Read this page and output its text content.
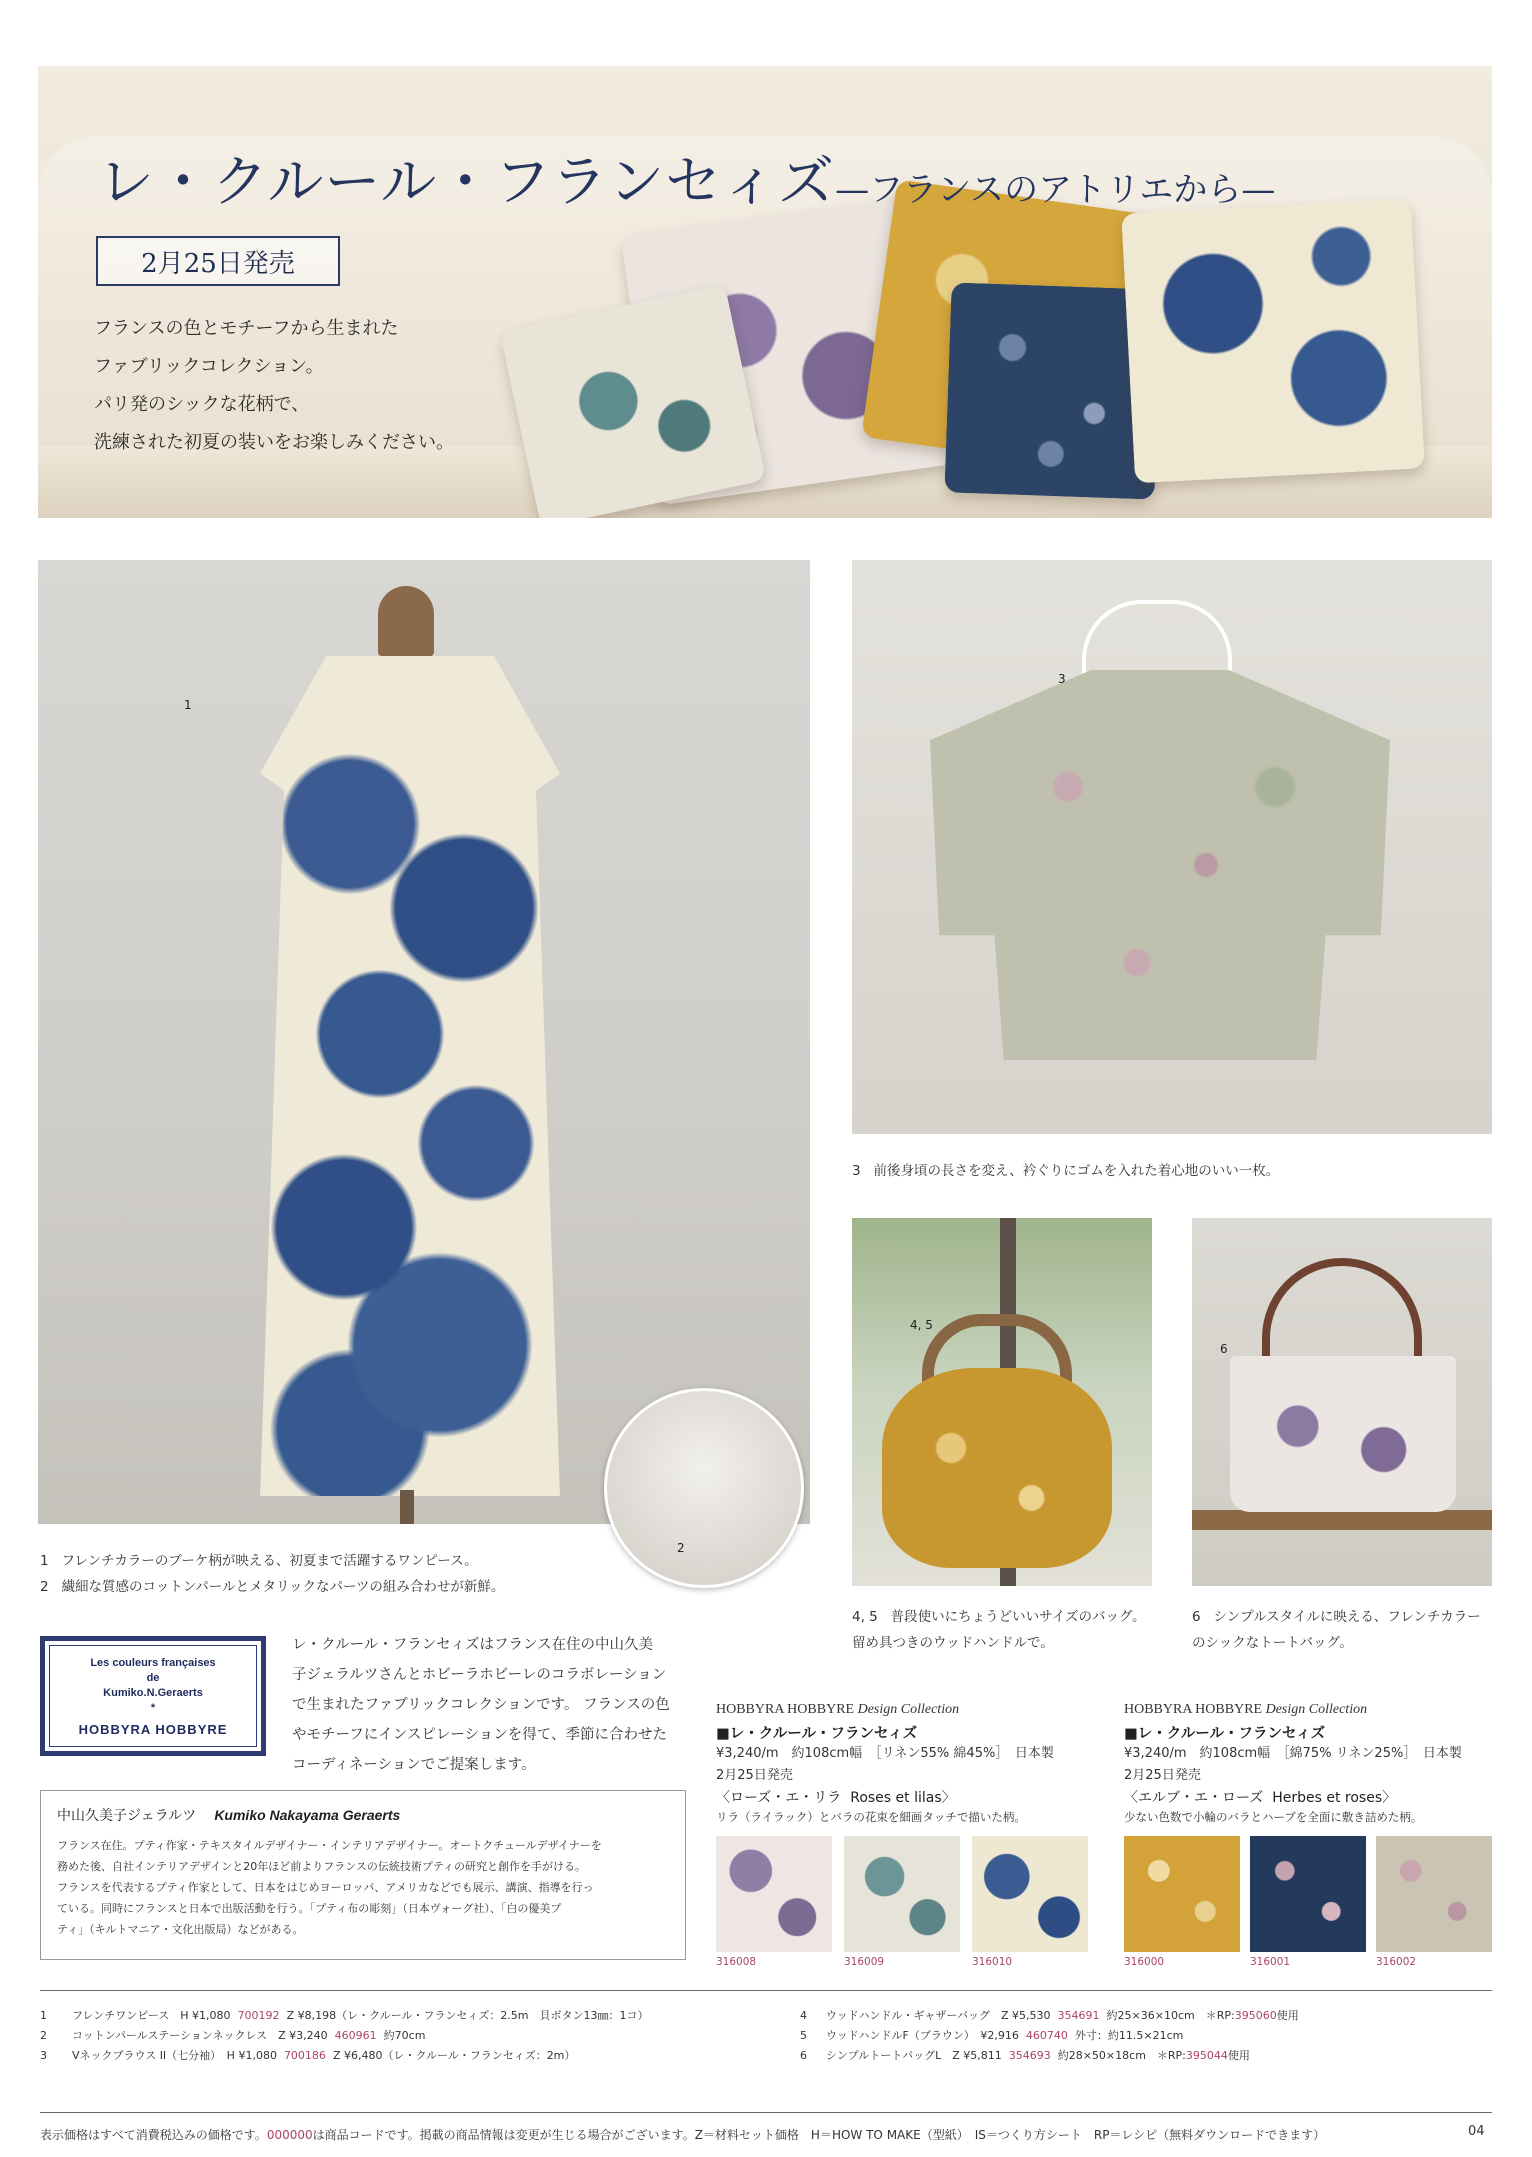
レ・クルール・フランセィズ—フランスのアトリエから—
2月25日発売
フランスの色とモチーフから生まれた
ファブリックコレクション。
パリ発のシックな花柄で、
洗練された初夏の装いをお楽しみください。
1
2
3
3 前後身頃の長さを変え、衿ぐりにゴムを入れた着心地のいい一枚。
4, 5
6
1 フレンチカラーのブーケ柄が映える、初夏まで活躍するワンピース。
2 繊細な質感のコットンパールとメタリックなパーツの組み合わせが新鮮。
4, 5 普段使いにちょうどいいサイズのバッグ。
留め具つきのウッドハンドルで。
6 シンプルスタイルに映える、フレンチカラー
のシックなトートバッグ。
Les couleurs françaises
de
Kumiko.N.Geraerts
*
HOBBYRA HOBBYRE
レ・クルール・フランセィズはフランス在住の中山久美
子ジェラルツさんとホビーラホビーレのコラボレーション
で生まれたファブリックコレクションです。 フランスの色
やモチーフにインスピレーションを得て、季節に合わせた
コーディネーションでご提案します。
中山久美子ジェラルツ Kumiko Nakayama Geraerts
フランス在住。プティ作家・テキスタイルデザイナー・インテリアデザイナー。オートクチュールデザイナーを
務めた後、自社インテリアデザインと20年ほど前よりフランスの伝統技術プティの研究と創作を手がける。
フランスを代表するプティ作家として、日本をはじめヨーロッパ、アメリカなどでも展示、講演、指導を行っ
ている。同時にフランスと日本で出版活動を行う。「プティ布の彫刻」（日本ヴォーグ社）、「白の優美プ
ティ」（キルトマニア・文化出版局）などがある。
HOBBYRA HOBBYRE Design Collection
■レ・クルール・フランセィズ
¥3,240/m　約108cm幅　［リネン55% 綿45%］　日本製
2月25日発売
〈ローズ・エ・リラ Roses et lilas〉
リラ（ライラック）とバラの花束を細画タッチで描いた柄。
316008	316009	316010
HOBBYRA HOBBYRE Design Collection
■レ・クルール・フランセィズ
¥3,240/m　約108cm幅　［綿75% リネン25%］　日本製
2月25日発売
〈エルブ・エ・ローズ Herbes et roses〉
少ない色数で小輪のバラとハーブを全面に敷き詰めた柄。
316000	316001	316002
1 フレンチワンピース　H ¥1,080 700192 Z ¥8,198（レ・クルール・フランセィズ：2.5m　貝ボタン13㎜：1コ）
2 コットンパールステーションネックレス　Z ¥3,240 460961 約70cm
3 Vネックブラウス II（七分袖）　H ¥1,080 700186 Z ¥6,480（レ・クルール・フランセィズ：2m）
4 ウッドハンドル・ギャザーバッグ　Z ¥5,530 354691 約25×36×10cm　＊RP:395060使用
5 ウッドハンドルF（ブラウン）　¥2,916 460740 外寸：約11.5×21cm
6 シンプルトートバッグL　Z ¥5,811 354693 約28×50×18cm　＊RP:395044使用
表示価格はすべて消費税込みの価格です。000000は商品コードです。掲載の商品情報は変更が生じる場合がございます。Z＝材料セット価格　H＝HOW TO MAKE（型紙）　IS＝つくり方シート　RP＝レシピ（無料ダウンロードできます）	04
